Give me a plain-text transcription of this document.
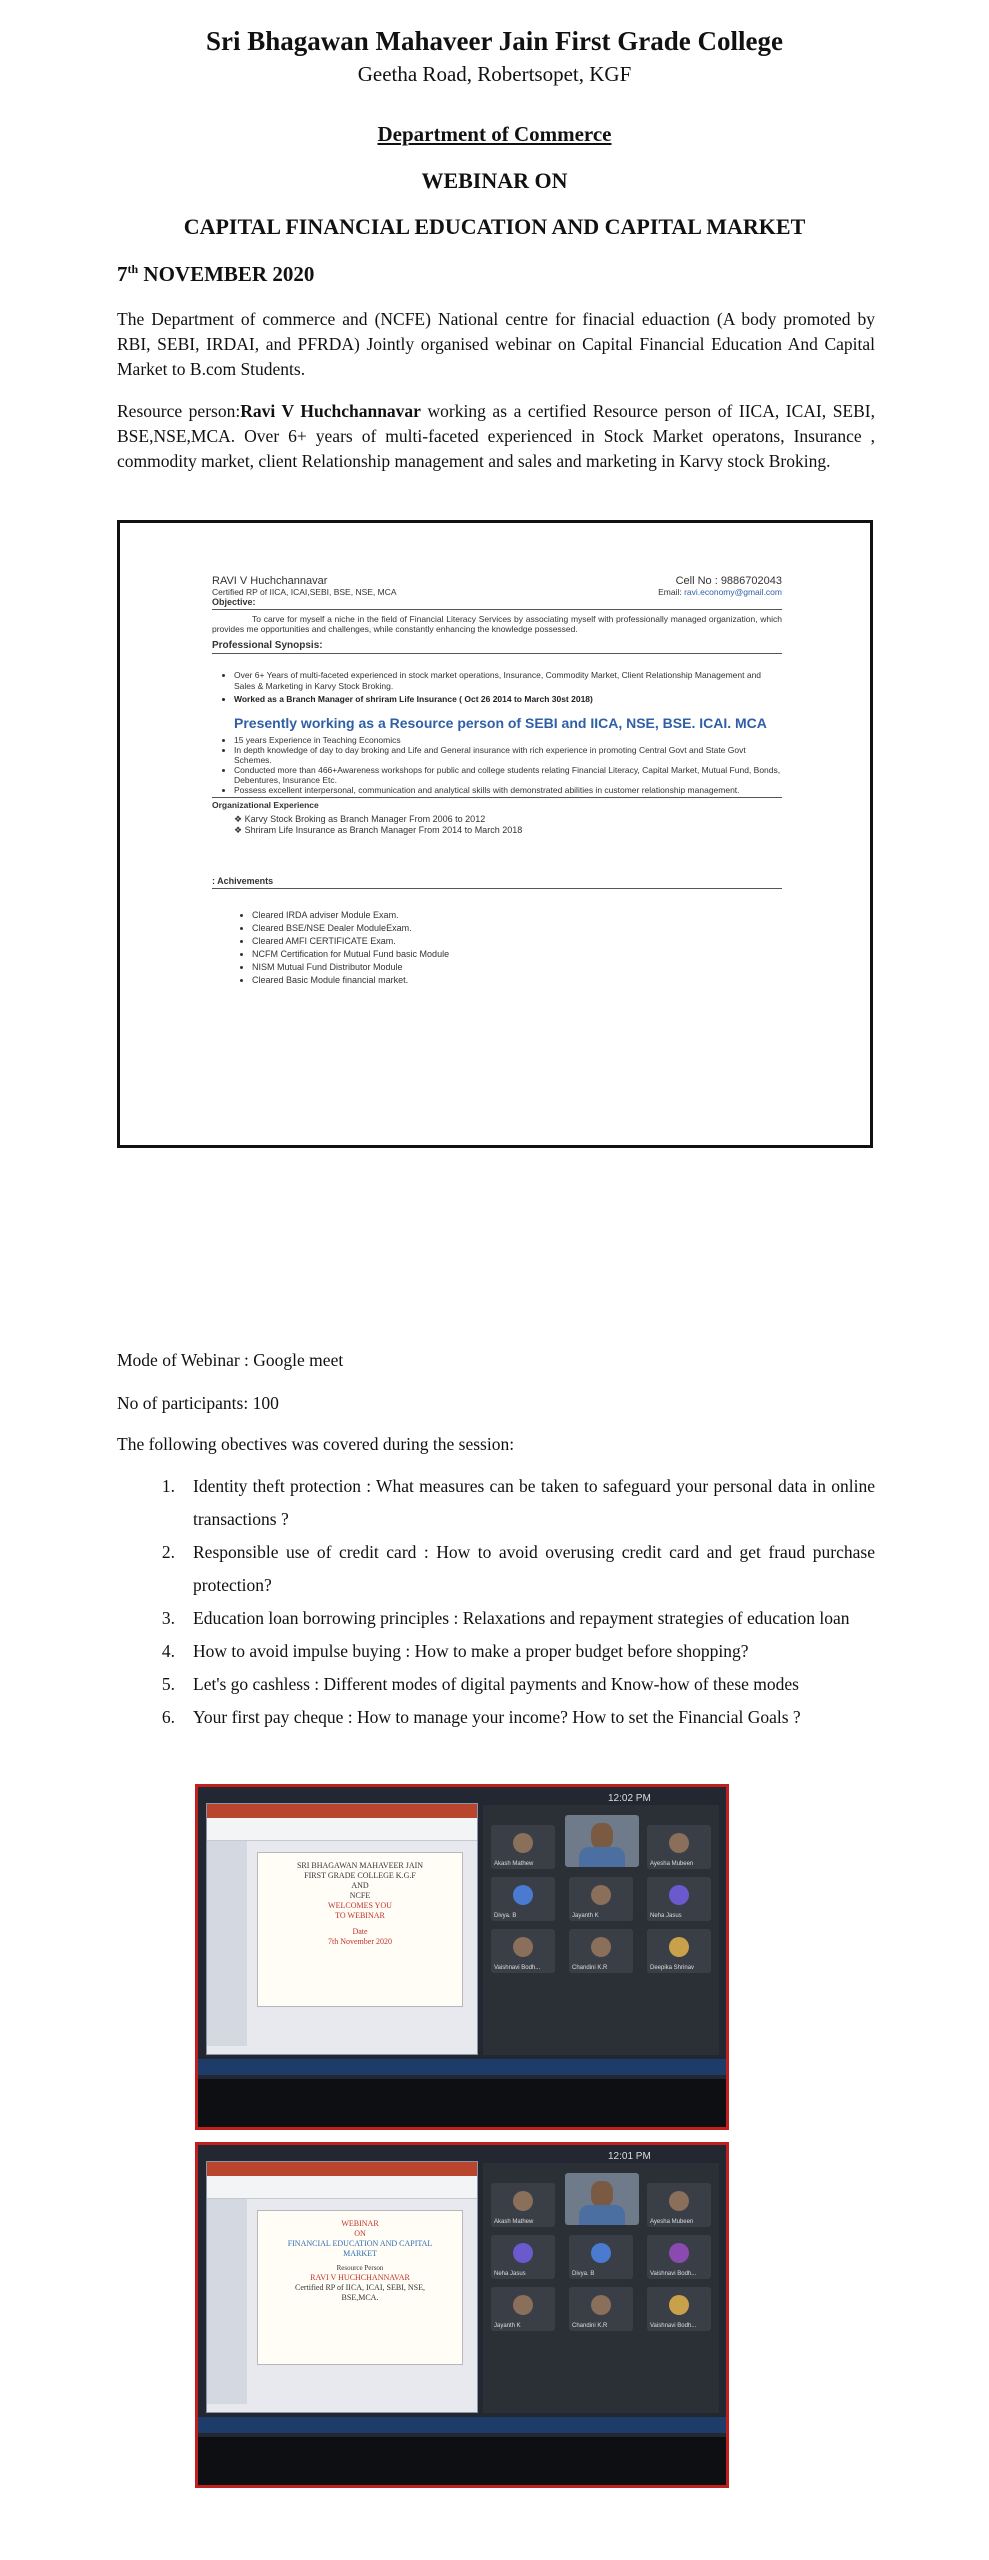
Sri Bhagawan Mahaveer Jain First Grade College
Geetha Road, Robertsopet, KGF
Department of Commerce
WEBINAR ON
CAPITAL FINANCIAL EDUCATION AND CAPITAL MARKET
7th NOVEMBER 2020
The Department of commerce and (NCFE) National centre for finacial eduaction (A body promoted by RBI, SEBI, IRDAI, and PFRDA) Jointly organised webinar on Capital Financial Education And Capital Market to B.com Students.
Resource person:Ravi V Huchchannavar working as a certified Resource person of IICA, ICAI, SEBI, BSE,NSE,MCA. Over 6+ years of multi-faceted experienced in Stock Market operatons, Insurance , commodity market, client Relationship management and sales and marketing in Karvy stock Broking.
RAVI V Huchchannavar	Cell No : 9886702043
Certified RP of IICA, ICAI,SEBI, BSE, NSE, MCA	Email: ravi.economy@gmail.com
Objective:
To carve for myself a niche in the field of Financial Literacy Services by associating myself with professionally managed organization, which provides me opportunities and challenges, while constantly enhancing the knowledge possessed.
Professional Synopsis:
• Over 6+ Years of multi-faceted experienced in stock market operations, Insurance, Commodity Market, Client Relationship Management and Sales & Marketing in Karvy Stock Broking.
• Worked as a Branch Manager of shriram Life Insurance ( Oct 26 2014 to March 30st 2018)
Presently working as a Resource person of SEBI and IICA, NSE, BSE. ICAI. MCA
• 15 years Experience in Teaching Economics
• In depth knowledge of day to day broking and Life and General insurance with rich experience in promoting Central Govt and State Govt Schemes.
• Conducted more than 466+Awareness workshops for public and college students relating Financial Literacy, Capital Market, Mutual Fund, Bonds, Debentures, Insurance Etc.
• Possess excellent interpersonal, communication and analytical skills with demonstrated abilities in customer relationship management.
Organizational Experience
❖ Karvy Stock Broking as Branch Manager From 2006 to 2012
❖ Shriram Life Insurance as Branch Manager From 2014 to March 2018
: Achivements
• Cleared IRDA adviser Module Exam.
• Cleared BSE/NSE Dealer ModuleExam.
• Cleared AMFI CERTIFICATE Exam.
• NCFM Certification for Mutual Fund basic Module
• NISM Mutual Fund Distributor Module
• Cleared Basic Module financial market.
Mode of Webinar : Google meet
No of participants: 100
The following obectives was covered during the session:
1.	Identity theft protection : What measures can be taken to safeguard your personal data in online transactions ?
2.	Responsible use of credit card : How to avoid overusing credit card and get fraud purchase protection?
3.	Education loan borrowing principles : Relaxations and repayment strategies of education loan
4.	How to avoid impulse buying : How to make a proper budget before shopping?
5.	Let's go cashless : Different modes of digital payments and Know-how of these modes
6.	Your first pay cheque : How to manage your income? How to set the Financial Goals ?
SRI BHAGAWAN MAHAVEER JAIN
FIRST GRADE COLLEGE K.G.F
AND
NCFE
WELCOMES YOU
TO WEBINAR
Date
7th November 2020
Akash Mathew	Ayesha Mubeen
Divya. B	Jayanth K	Neha Jasus
Vaishnavi Bodh...	Chandini K.R	Deepika Shrinav
12:02 PM
WEBINAR
ON
FINANCIAL EDUCATION AND CAPITAL
MARKET
Resource Person
RAVI V HUCHCHANNAVAR
Certified RP of IICA, ICAI, SEBI, NSE,
BSE,MCA.
Akash Mathew	Ayesha Mubeen
Neha Jasus	Divya. B	Vaishnavi Bodh...
Jayanth K	Chandini K.R	Vaishnavi Bodh...
12:01 PM
